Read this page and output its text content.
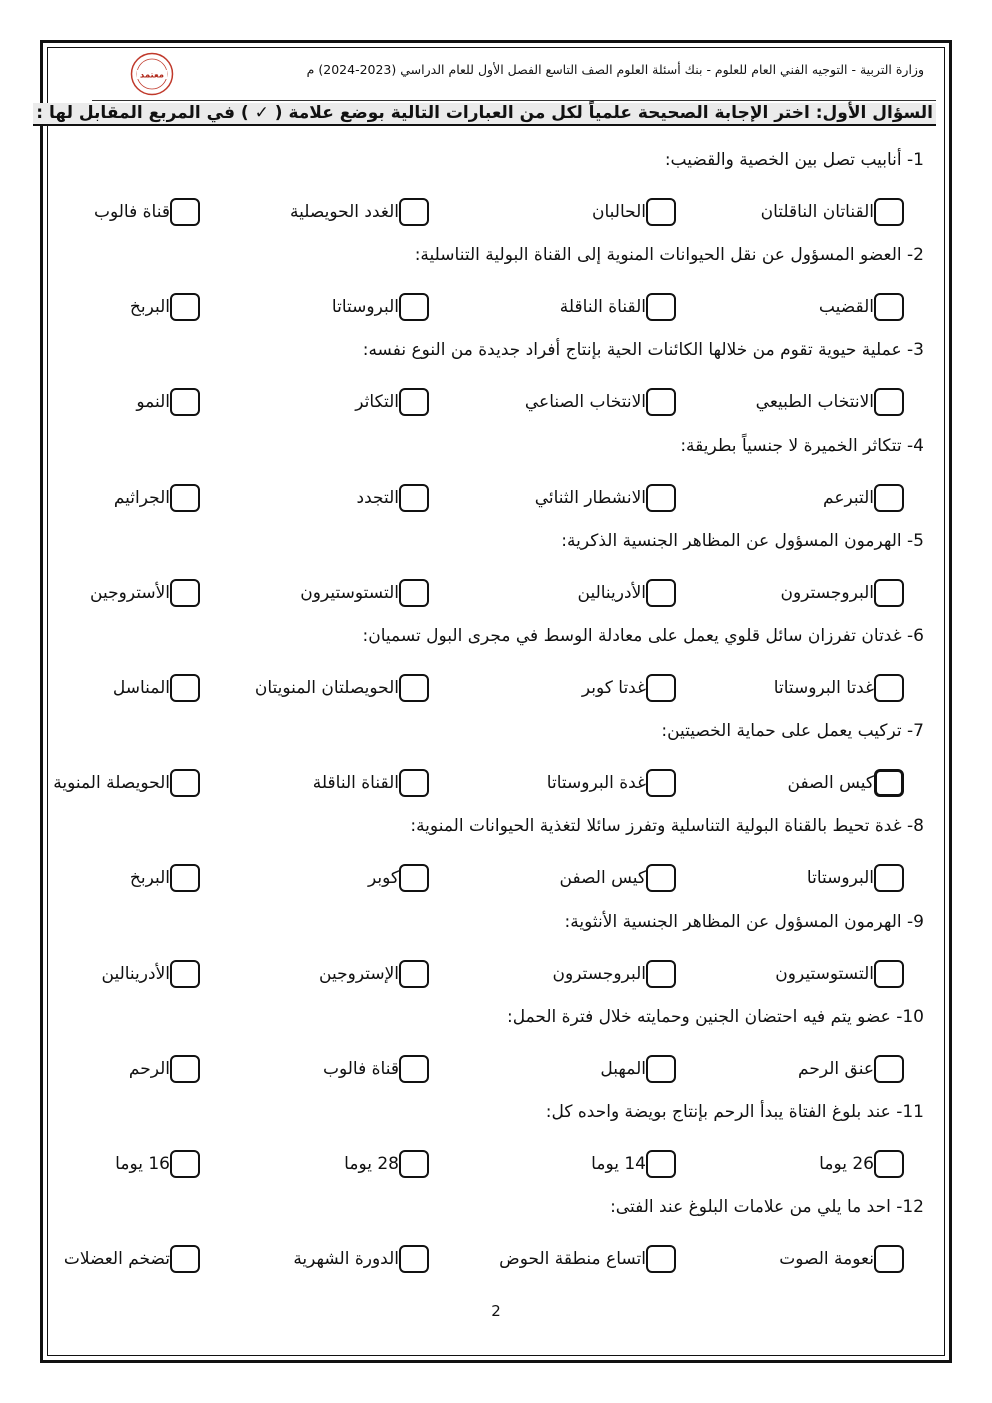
وزارة التربية - التوجيه الفني العام للعلوم - بنك أسئلة العلوم الصف التاسع الفصل الأول للعام الدراسي (2023-2024) م
معتمد
السؤال الأول: اختر الإجابة الصحيحة علمياً لكل من العبارات التالية بوضع علامة ( ✓ ) في المربع المقابل لها :
1- أنابيب تصل بين الخصية والقضيب:
القناتان الناقلتان
الحالبان
الغدد الحويصلية
قناة فالوب
2- العضو المسؤول عن نقل الحيوانات المنوية إلى القناة البولية التناسلية:
القضيب
القناة الناقلة
البروستاتا
البربخ
3- عملية حيوية تقوم من خلالها الكائنات الحية بإنتاج أفراد جديدة من النوع نفسه:
الانتخاب الطبيعي
الانتخاب الصناعي
التكاثر
النمو
4- تتكاثر الخميرة لا جنسياً بطريقة:
التبرعم
الانشطار الثنائي
التجدد
الجراثيم
5- الهرمون المسؤول عن المظاهر الجنسية الذكرية:
البروجسترون
الأدرينالين
التستوستيرون
الأستروجين
6- غدتان تفرزان سائل قلوي يعمل على معادلة الوسط في مجرى البول تسميان:
غدتا البروستاتا
غدتا كوبر
الحويصلتان المنويتان
المناسل
7- تركيب يعمل على حماية الخصيتين:
كيس الصفن
غدة البروستاتا
القناة الناقلة
الحويصلة المنوية
8- غدة تحيط بالقناة البولية التناسلية وتفرز سائلا لتغذية الحيوانات المنوية:
البروستاتا
كيس الصفن
كوبر
البربخ
9- الهرمون المسؤول عن المظاهر الجنسية الأنثوية:
التستوستيرون
البروجسترون
الإستروجين
الأدرينالين
10- عضو يتم فيه احتضان الجنين وحمايته خلال فترة الحمل:
عنق الرحم
المهبل
قناة فالوب
الرحم
11- عند بلوغ الفتاة يبدأ الرحم بإنتاج بويضة واحده كل:
26 يوما
14 يوما
28 يوما
16 يوما
12- احد ما يلي من علامات البلوغ عند الفتى:
نعومة الصوت
اتساع منطقة الحوض
الدورة الشهرية
تضخم العضلات
2
